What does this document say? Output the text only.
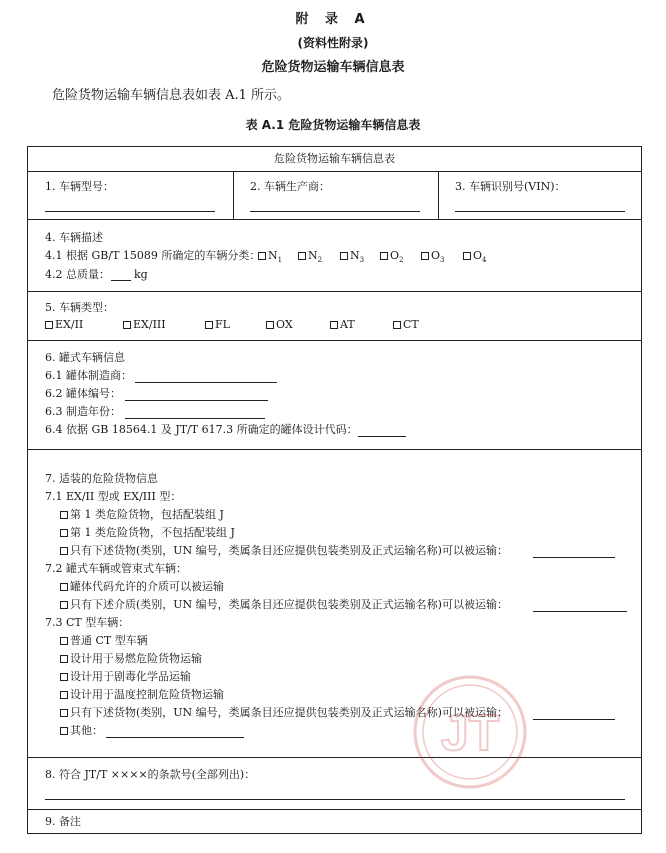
附 录 A
(资料性附录)
危险货物运输车辆信息表
危险货物运输车辆信息表如表 A.1 所示。
表 A.1 危险货物运输车辆信息表
危险货物运输车辆信息表
1. 车辆型号：	2. 车辆生产商：	3. 车辆识别号(VIN)：
4. 车辆描述
4.1 根据 GB/T 15089 所确定的车辆分类： $N_1$	$N_2$	$N_3$	$O_2$	$O_3$	$O_4$
4.2 总质量： kg
5. 车辆类型：
EX/II	EX/III	FL	OX	AT	CT
6. 罐式车辆信息
6.1 罐体制造商：
6.2 罐体编号：
6.3 制造年份：
6.4 依据 GB 18564.1 及 JT/T 617.3 所确定的罐体设计代码：
7. 适装的危险货物信息
7.1 EX/II 型或 EX/III 型：
第 1 类危险货物，包括配装组 J
第 1 类危险货物，不包括配装组 J
只有下述货物(类别，UN 编号，类属条目还应提供包装类别及正式运输名称)可以被运输：
7.2 罐式车辆或管束式车辆：
罐体代码允许的介质可以被运输
只有下述介质(类别，UN 编号，类属条目还应提供包装类别及正式运输名称)可以被运输：
7.3 CT 型车辆：
普通 CT 型车辆
设计用于易燃危险货物运输
设计用于剧毒化学品运输
设计用于温度控制危险货物运输
只有下述货物(类别，UN 编号，类属条目还应提供包装类别及正式运输名称)可以被运输：
其他：
8. 符合 JT/T ××××的条款号(全部列出)：
9. 备注
JT
